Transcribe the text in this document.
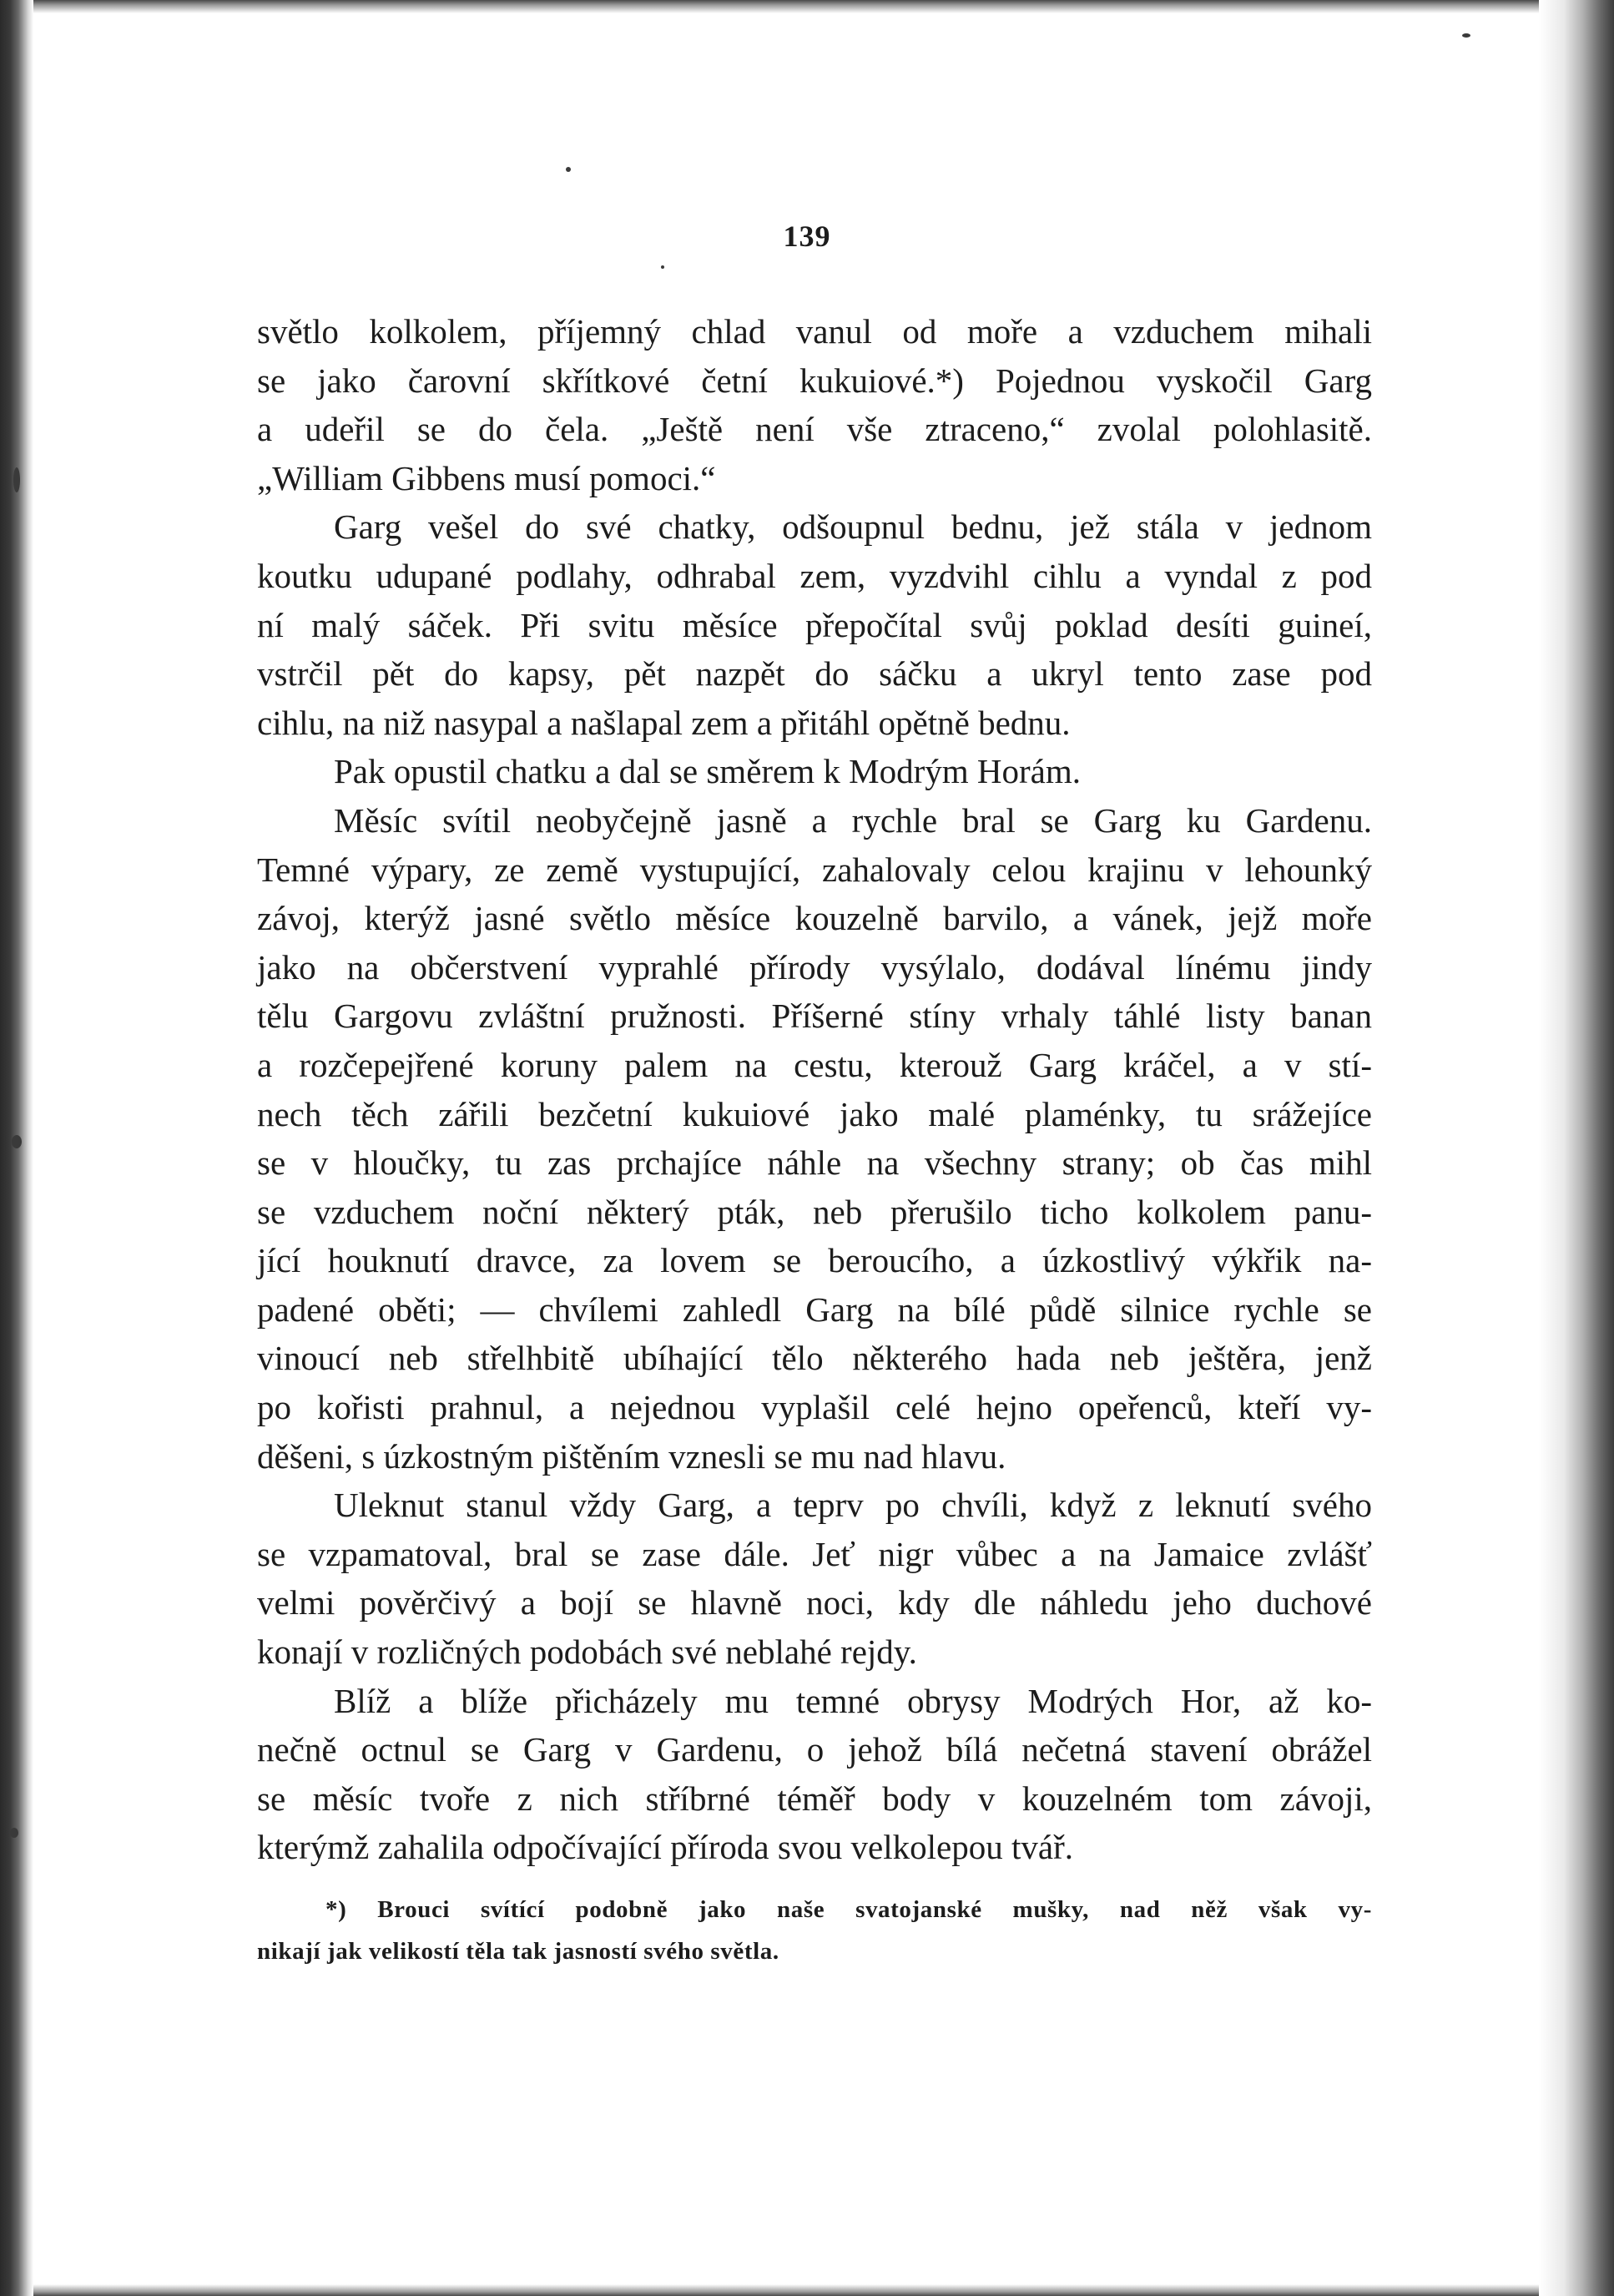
139

světlo kolkolem, příjemný chlad vanul od moře a vzduchem mihali
se jako čarovní skřítkové četní kukuiové.*) Pojednou vyskočil Garg
a udeřil se do čela. „Ještě není vše ztraceno,“ zvolal polohlasitě.
„William Gibbens musí pomoci.“

Garg vešel do své chatky, odšoupnul bednu, jež stála v jednom
koutku udupané podlahy, odhrabal zem, vyzdvihl cihlu a vyndal z pod
ní malý sáček. Při svitu měsíce přepočítal svůj poklad desíti guineí,
vstrčil pět do kapsy, pět nazpět do sáčku a ukryl tento zase pod
cihlu, na niž nasypal a našlapal zem a přitáhl opětně bednu.

Pak opustil chatku a dal se směrem k Modrým Horám.

Měsíc svítil neobyčejně jasně a rychle bral se Garg ku Gardenu.
Temné výpary, ze země vystupující, zahalovaly celou krajinu v lehounký
závoj, kterýž jasné světlo měsíce kouzelně barvilo, a vánek, jejž moře
jako na občerstvení vyprahlé přírody vysýlalo, dodával línému jindy
tělu Gargovu zvláštní pružnosti. Příšerné stíny vrhaly táhlé listy banan
a rozčepejřené koruny palem na cestu, kterouž Garg kráčel, a v stí-
nech těch zářili bezčetní kukuiové jako malé plaménky, tu srážejíce
se v hloučky, tu zas prchajíce náhle na všechny strany; ob čas mihl
se vzduchem noční některý pták, neb přerušilo ticho kolkolem panu-
jící houknutí dravce, za lovem se beroucího, a úzkostlivý výkřik na-
padené oběti; — chvílemi zahledl Garg na bílé půdě silnice rychle se
vinoucí neb střelhbitě ubíhající tělo některého hada neb ještěra, jenž
po kořisti prahnul, a nejednou vyplašil celé hejno opeřenců, kteří vy-
děšeni, s úzkostným pištěním vznesli se mu nad hlavu.

Uleknut stanul vždy Garg, a teprv po chvíli, když z leknutí svého
se vzpamatoval, bral se zase dále. Jeť nigr vůbec a na Jamaice zvlášť
velmi pověrčivý a bojí se hlavně noci, kdy dle náhledu jeho duchové
konají v rozličných podobách své neblahé rejdy.

Blíž a blíže přicházely mu temné obrysy Modrých Hor, až ko-
nečně octnul se Garg v Gardenu, o jehož bílá nečetná stavení obrážel
se měsíc tvoře z nich stříbrné téměř body v kouzelném tom závoji,
kterýmž zahalila odpočívající příroda svou velkolepou tvář.

*) Brouci svítící podobně jako naše svatojanské mušky, nad něž však vy-
nikají jak velikostí těla tak jasností svého světla.
